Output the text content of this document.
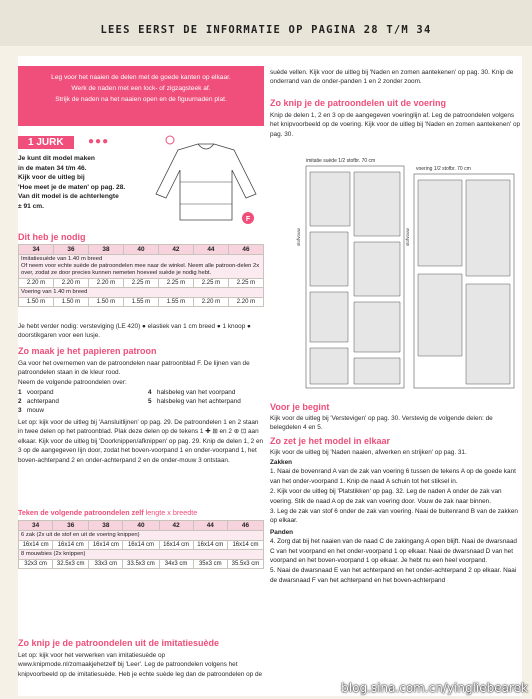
LEES EERST DE INFORMATIE OP PAGINA 28 T/M 34
Leg voor het naaien de delen met de goede kanten op elkaar.
Werk de naden met een lock- of zigzagsteek af.
Strijk de naden na het naaien open en de figuurnaden plat.
1 JURK	●●●
Je kunt dit model maken
in de maten 34 t/m 46.
Kijk voor de uitleg bij
'Hoe meet je de maten' op pag. 28.
Van dit model is de achterlengte
± 91 cm.
F
Dit heb je nodig
34	36	38	40	42	44	46
Imitatiesuède van 1.40 m breed
Of neem voor echte suède de patroondelen mee naar de winkel. Neem alle patroon-delen 2x over, zodat ze door precies kunnen nemeten hoeveel suède je nodig hebt.						
2.20 m	2.20 m	2.20 m	2.25 m	2.25 m	2.25 m	2.25 m
Voering van 1.40 m breed						
1.50 m	1.50 m	1.50 m	1.55 m	1.55 m	2.20 m	2.20 m
Je hebt verder nodig: versteviging (LE 420) ● elastiek van 1 cm breed ● 1 knoop ● doorstikgaren voor een lusje.
Zo maak je het papieren patroon
Ga voor het overnemen van de patroondelen naar patroonblad F. De lijnen van de patroondelen staan in de kleur rood.
Neem de volgende patroondelen over:
1 voorpand	4 halsbeleg van het voorpand
2 achterpand	5 halsbeleg van het achterpand
3 mouw
Let op: kijk voor de uitleg bij 'Aansluitlijnen' op pag. 29. De patroondelen 1 en 2 staan in twee delen op het patroonblad. Plak deze delen op de tekens 1 ✚ ⊞ en 2 ⊕ ⊡ aan elkaar. Kijk voor de uitleg bij 'Doorknippen/afknippen' op pag. 29. Knip de delen 1, 2 en 3 op de aangegeven lijn door, zodat het boven-voorpand 1 en onder-voorpand 1, het boven-achterpand 2 en onder-achterpand 2 en de onder-mouw 3 ontstaan.
Teken de volgende patroondelen zelf lengte x breedte
34	36	38	40	42	44	46
6 zak (2x uit de stof en uit de voering knippen)						
16x14 cm	16x14 cm	16x14 cm	16x14 cm	16x14 cm	16x14 cm	16x14 cm
8 mouwbies (2x knippen)						
32x3 cm	32.5x3 cm	33x3 cm	33.5x3 cm	34x3 cm	35x3 cm	35.5x3 cm
Zo knip je de patroondelen uit de imitatiesuède
Let op: kijk voor het verwerken van imitatiesuède op www.knipmode.nl/zomaakjehetzelf bij 'Leer'. Leg de patroondelen volgens het knipvoorbeeld op de imitatiesuède. Heb je echte suède leg dan de patroondelen op de
suède vellen. Kijk voor de uitleg bij 'Naden en zomen aantekenen' op pag. 30. Knip de onderrand van de onder-panden 1 en 2 zonder zoom.
Zo knip je de patroondelen uit de voering
Knip de delen 1, 2 en 3 op de aangegeven voeringlijn af. Leg de patroondelen volgens het knipvoorbeeld op de voering. Kijk voor de uitleg bij 'Naden en zomen aantekenen' op pag. 30.
imitatie suède 1/2 stofbr. 70 cm
voering 1/2 stofbr. 70 cm
stofvouw	stofvouw
Voor je begint
Kijk voor de uitleg bij 'Verstevigen' op pag. 30. Verstevig de volgende delen: de belegdelen 4 en 5.
Zo zet je het model in elkaar
Kijk voor de uitleg bij 'Naden naaien, afwerken en strijken' op pag. 31.
Zakken
1. Naai de bovenrand A van de zak van voering 6 tussen de tekens A op de goede kant van het onder-voorpand 1. Knip de naad A schuin tot het stiksel in.
2. Kijk voor de uitleg bij 'Platstikken' op pag. 32. Leg de naden A onder de zak van voering. Stik de naad A op de zak van voering door. Vouw de zak naar binnen.
3. Leg de zak van stof 6 onder de zak van voering. Naai de buitenrand B van de zakken op elkaar.
Panden
4. Zorg dat bij het naaien van de naad C de zakingang A open blijft. Naai de dwarsnaad C van het voorpand en het onder-voorpand 1 op elkaar. Naai de dwarsnaad D van het voorpand en het boven-voorpand 1 op elkaar. Je hebt nu een heel voorpand.
5. Naai de dwarsnaad E van het achterpand en het onder-achterpand 2 op elkaar. Naai de dwarsnaad F van het achterpand en het boven-achterpand
blog.sina.com.cn/yingliebearek
